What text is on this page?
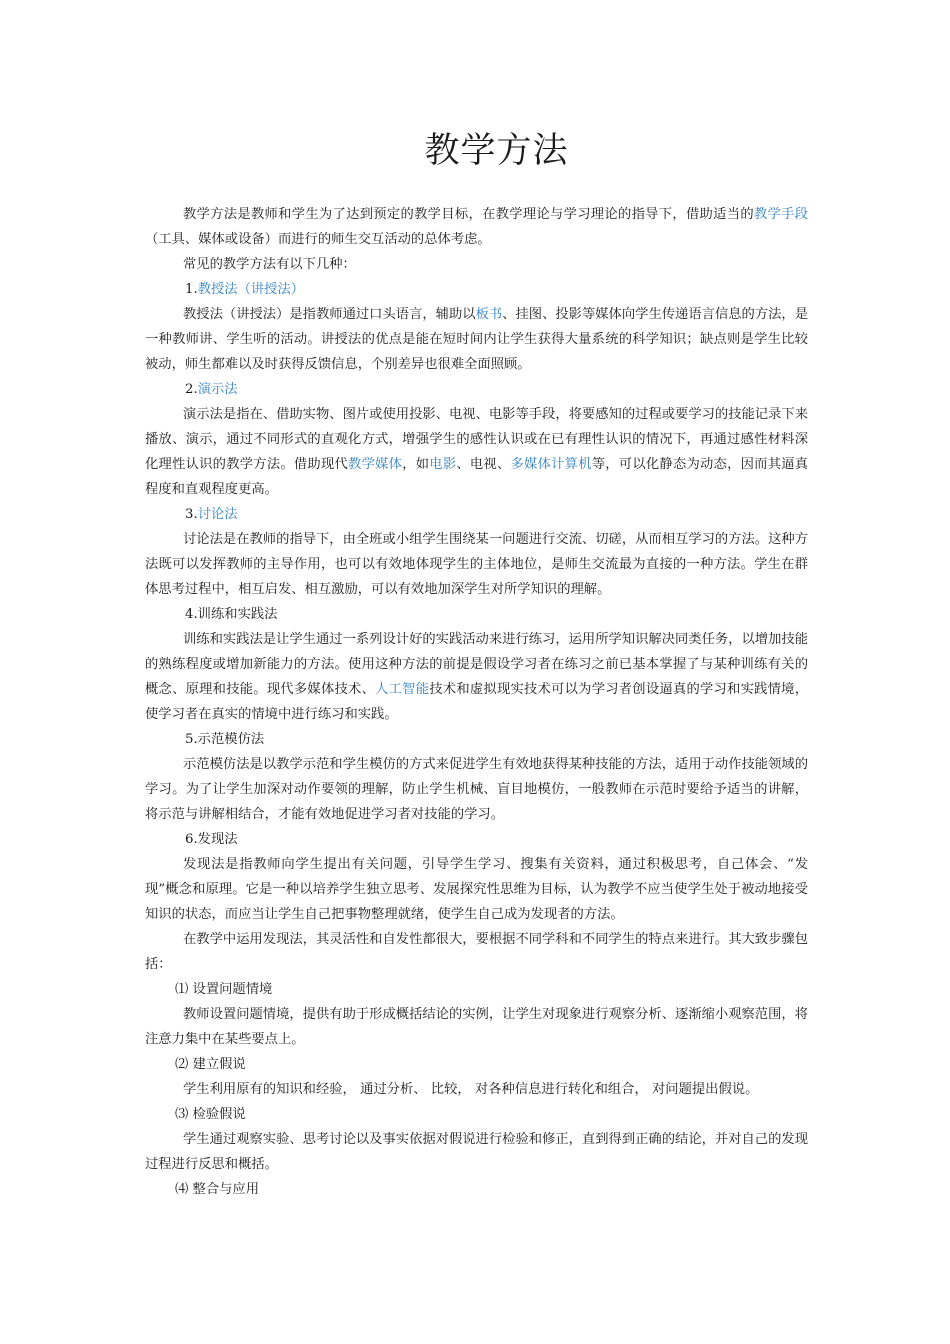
教学方法

教学方法是教师和学生为了达到预定的教学目标，在教学理论与学习理论的指导下，借助适当的教学手段（工具、媒体或设备）而进行的师生交互活动的总体考虑。

常见的教学方法有以下几种：

1.教授法（讲授法）

教授法（讲授法）是指教师通过口头语言，辅助以板书、挂图、投影等媒体向学生传递语言信息的方法，是一种教师讲、学生听的活动。讲授法的优点是能在短时间内让学生获得大量系统的科学知识；缺点则是学生比较被动，师生都难以及时获得反馈信息，个别差异也很难全面照顾。

2.演示法

演示法是指在、借助实物、图片或使用投影、电视、电影等手段，将要感知的过程或要学习的技能记录下来播放、演示，通过不同形式的直观化方式，增强学生的感性认识或在已有理性认识的情况下，再通过感性材料深化理性认识的教学方法。借助现代教学媒体，如电影、电视、多媒体计算机等，可以化静态为动态，因而其逼真程度和直观程度更高。

3.讨论法

讨论法是在教师的指导下，由全班或小组学生围绕某一问题进行交流、切磋，从而相互学习的方法。这种方法既可以发挥教师的主导作用，也可以有效地体现学生的主体地位，是师生交流最为直接的一种方法。学生在群体思考过程中，相互启发、相互激励，可以有效地加深学生对所学知识的理解。

4.训练和实践法

训练和实践法是让学生通过一系列设计好的实践活动来进行练习，运用所学知识解决同类任务，以增加技能的熟练程度或增加新能力的方法。使用这种方法的前提是假设学习者在练习之前已基本掌握了与某种训练有关的概念、原理和技能。现代多媒体技术、人工智能技术和虚拟现实技术可以为学习者创设逼真的学习和实践情境，使学习者在真实的情境中进行练习和实践。

5.示范模仿法

示范模仿法是以教学示范和学生模仿的方式来促进学生有效地获得某种技能的方法，适用于动作技能领域的学习。为了让学生加深对动作要领的理解，防止学生机械、盲目地模仿，一般教师在示范时要给予适当的讲解，将示范与讲解相结合，才能有效地促进学习者对技能的学习。

6.发现法

发现法是指教师向学生提出有关问题，引导学生学习、搜集有关资料，通过积极思考，自己体会、“发现”概念和原理。它是一种以培养学生独立思考、发展探究性思维为目标，认为教学不应当使学生处于被动地接受知识的状态，而应当让学生自己把事物整理就绪，使学生自己成为发现者的方法。

在教学中运用发现法，其灵活性和自发性都很大，要根据不同学科和不同学生的特点来进行。其大致步骤包括：

⑴ 设置问题情境

教师设置问题情境，提供有助于形成概括结论的实例，让学生对现象进行观察分析、逐渐缩小观察范围，将注意力集中在某些要点上。

⑵ 建立假说

学生利用原有的知识和经验， 通过分析、 比较， 对各种信息进行转化和组合， 对问题提出假说。

⑶ 检验假说

学生通过观察实验、思考讨论以及事实依据对假说进行检验和修正，直到得到正确的结论，并对自己的发现过程进行反思和概括。

⑷ 整合与应用
